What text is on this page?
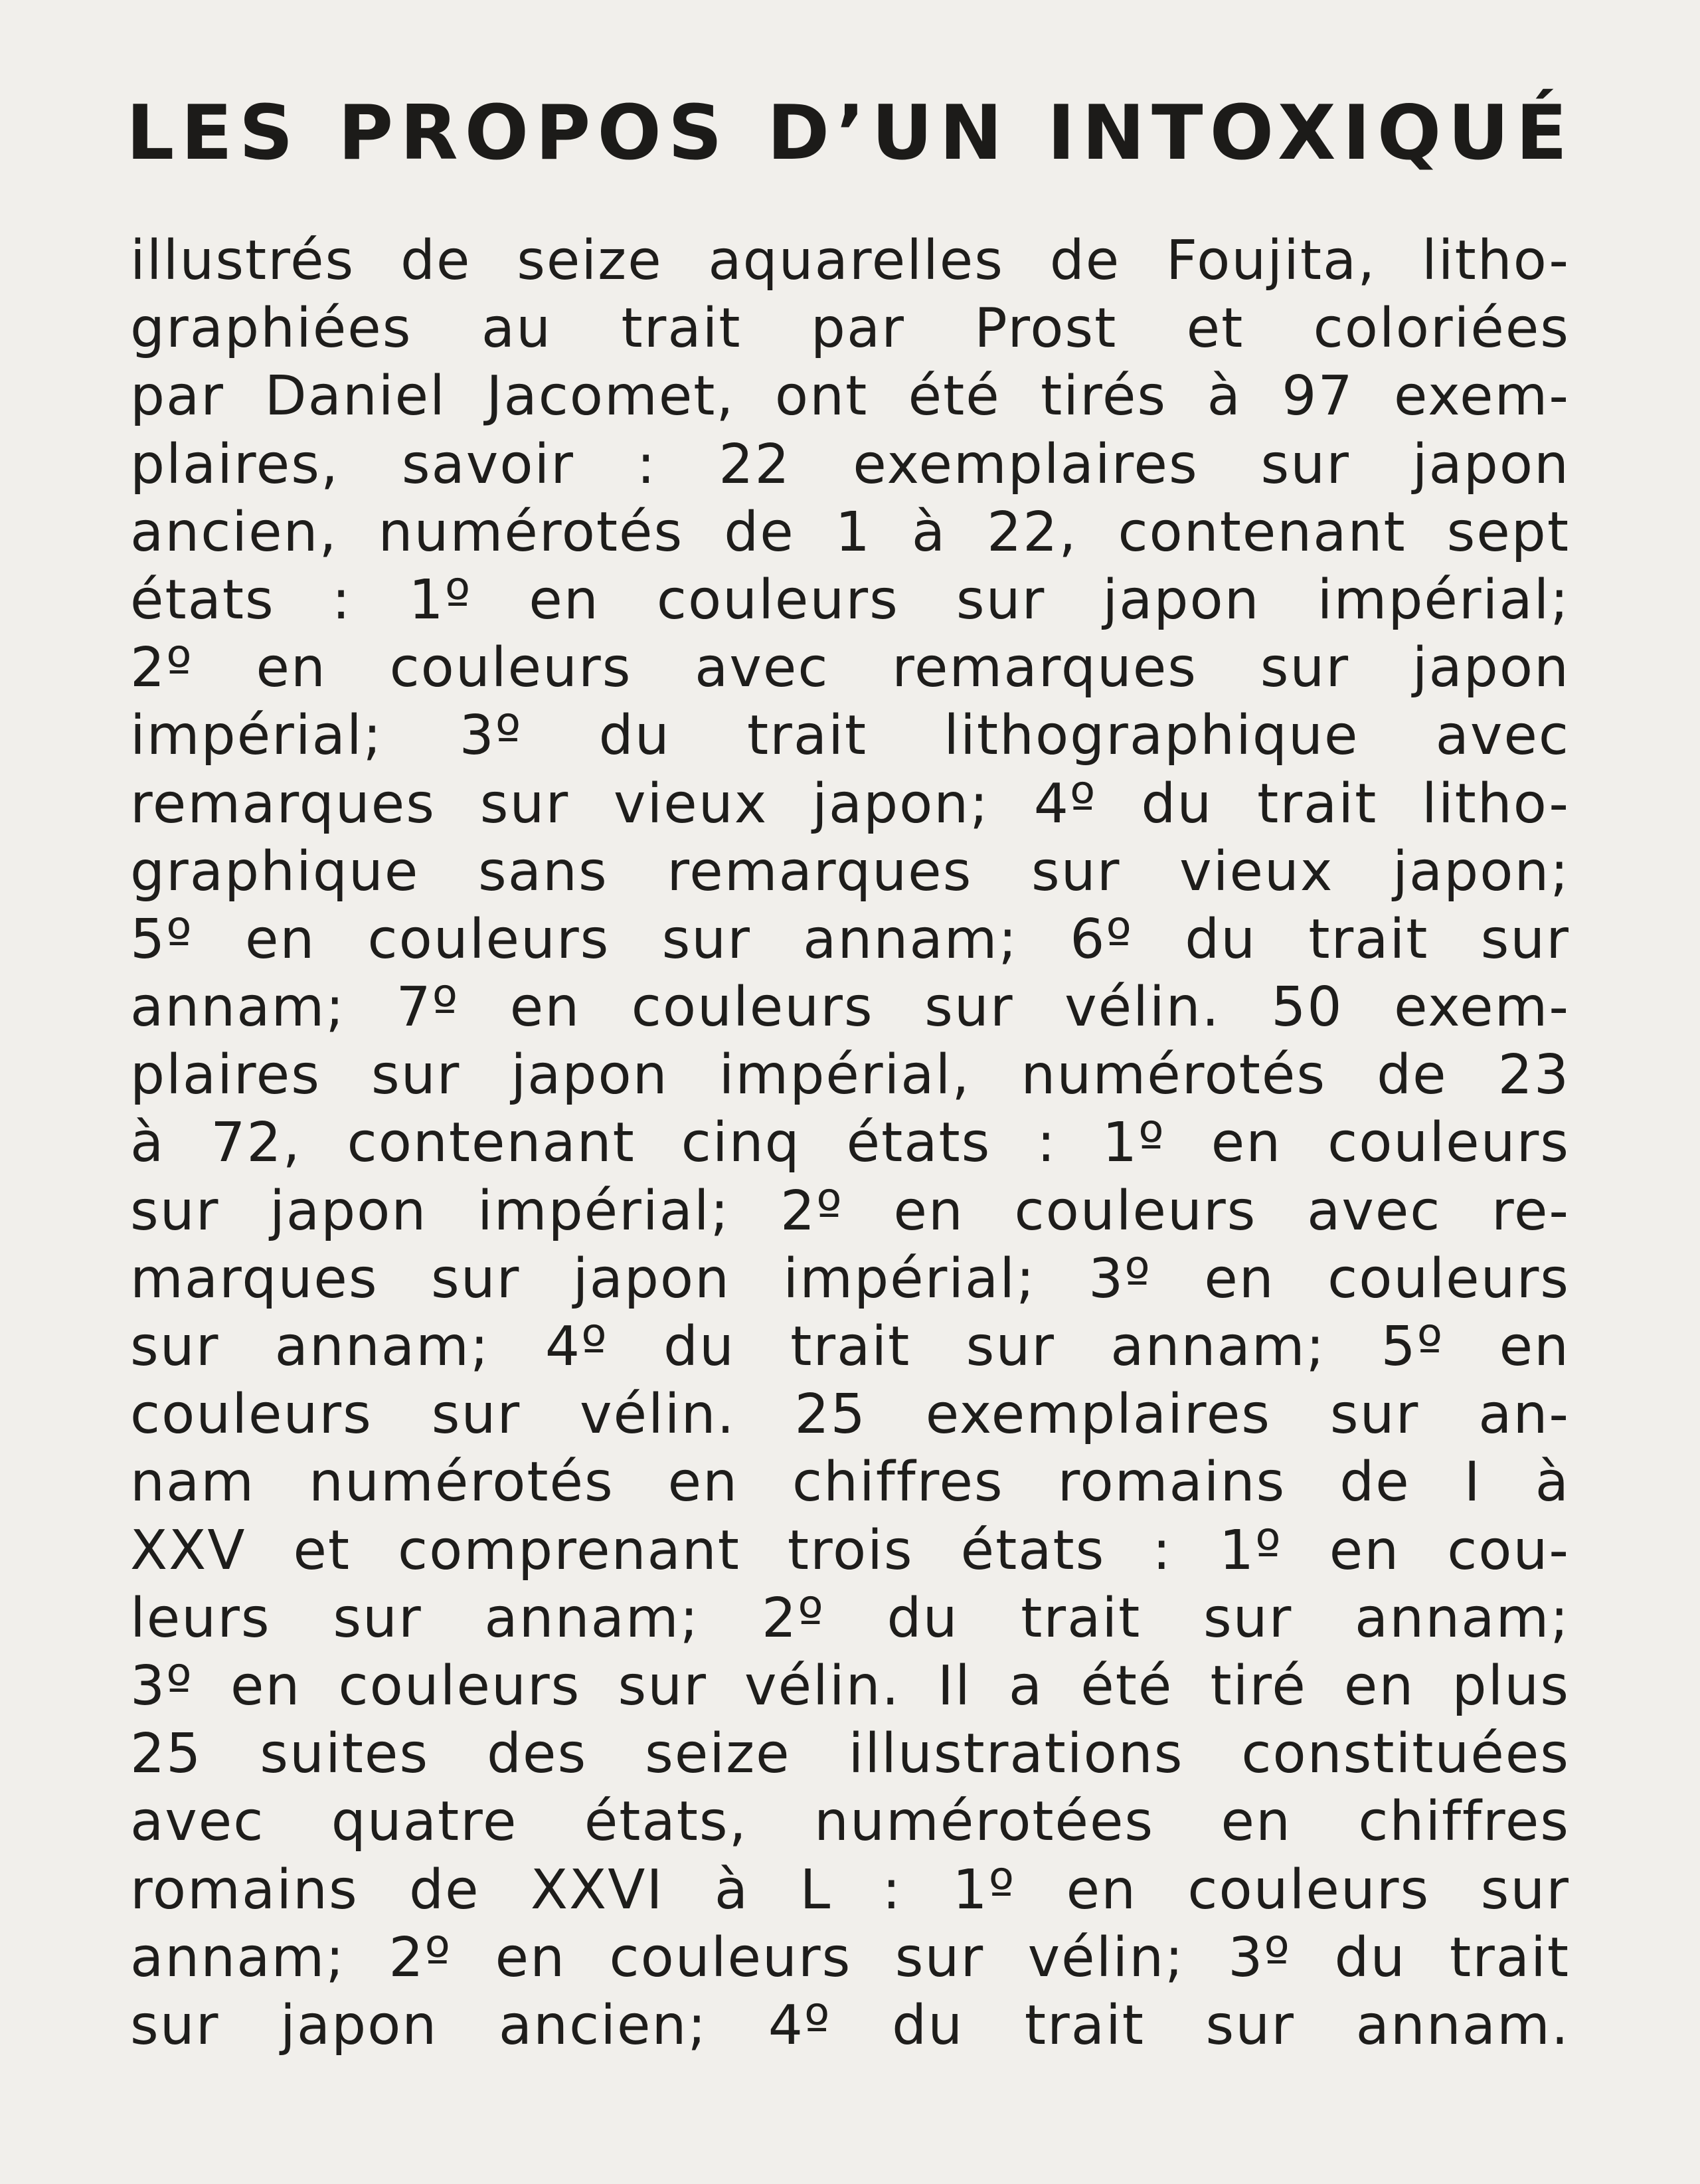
LES PROPOS D’UN INTOXIQUÉ
illustrés de seize aquarelles de Foujita, litho-
graphiées au trait par Prost et coloriées
par Daniel Jacomet, ont été tirés à 97 exem-
plaires, savoir : 22 exemplaires sur japon
ancien, numérotés de 1 à 22, contenant sept
états : 1º en couleurs sur japon impérial;
2º en couleurs avec remarques sur japon
impérial; 3º du trait lithographique avec
remarques sur vieux japon; 4º du trait litho-
graphique sans remarques sur vieux japon;
5º en couleurs sur annam; 6º du trait sur
annam; 7º en couleurs sur vélin. 50 exem-
plaires sur japon impérial, numérotés de 23
à 72, contenant cinq états : 1º en couleurs
sur japon impérial; 2º en couleurs avec re-
marques sur japon impérial; 3º en couleurs
sur annam; 4º du trait sur annam; 5º en
couleurs sur vélin. 25 exemplaires sur an-
nam numérotés en chiffres romains de I à
XXV et comprenant trois états : 1º en cou-
leurs sur annam; 2º du trait sur annam;
3º en couleurs sur vélin. Il a été tiré en plus
25 suites des seize illustrations constituées
avec quatre états, numérotées en chiffres
romains de XXVI à L : 1º en couleurs sur
annam; 2º en couleurs sur vélin; 3º du trait
sur japon ancien; 4º du trait sur annam.
